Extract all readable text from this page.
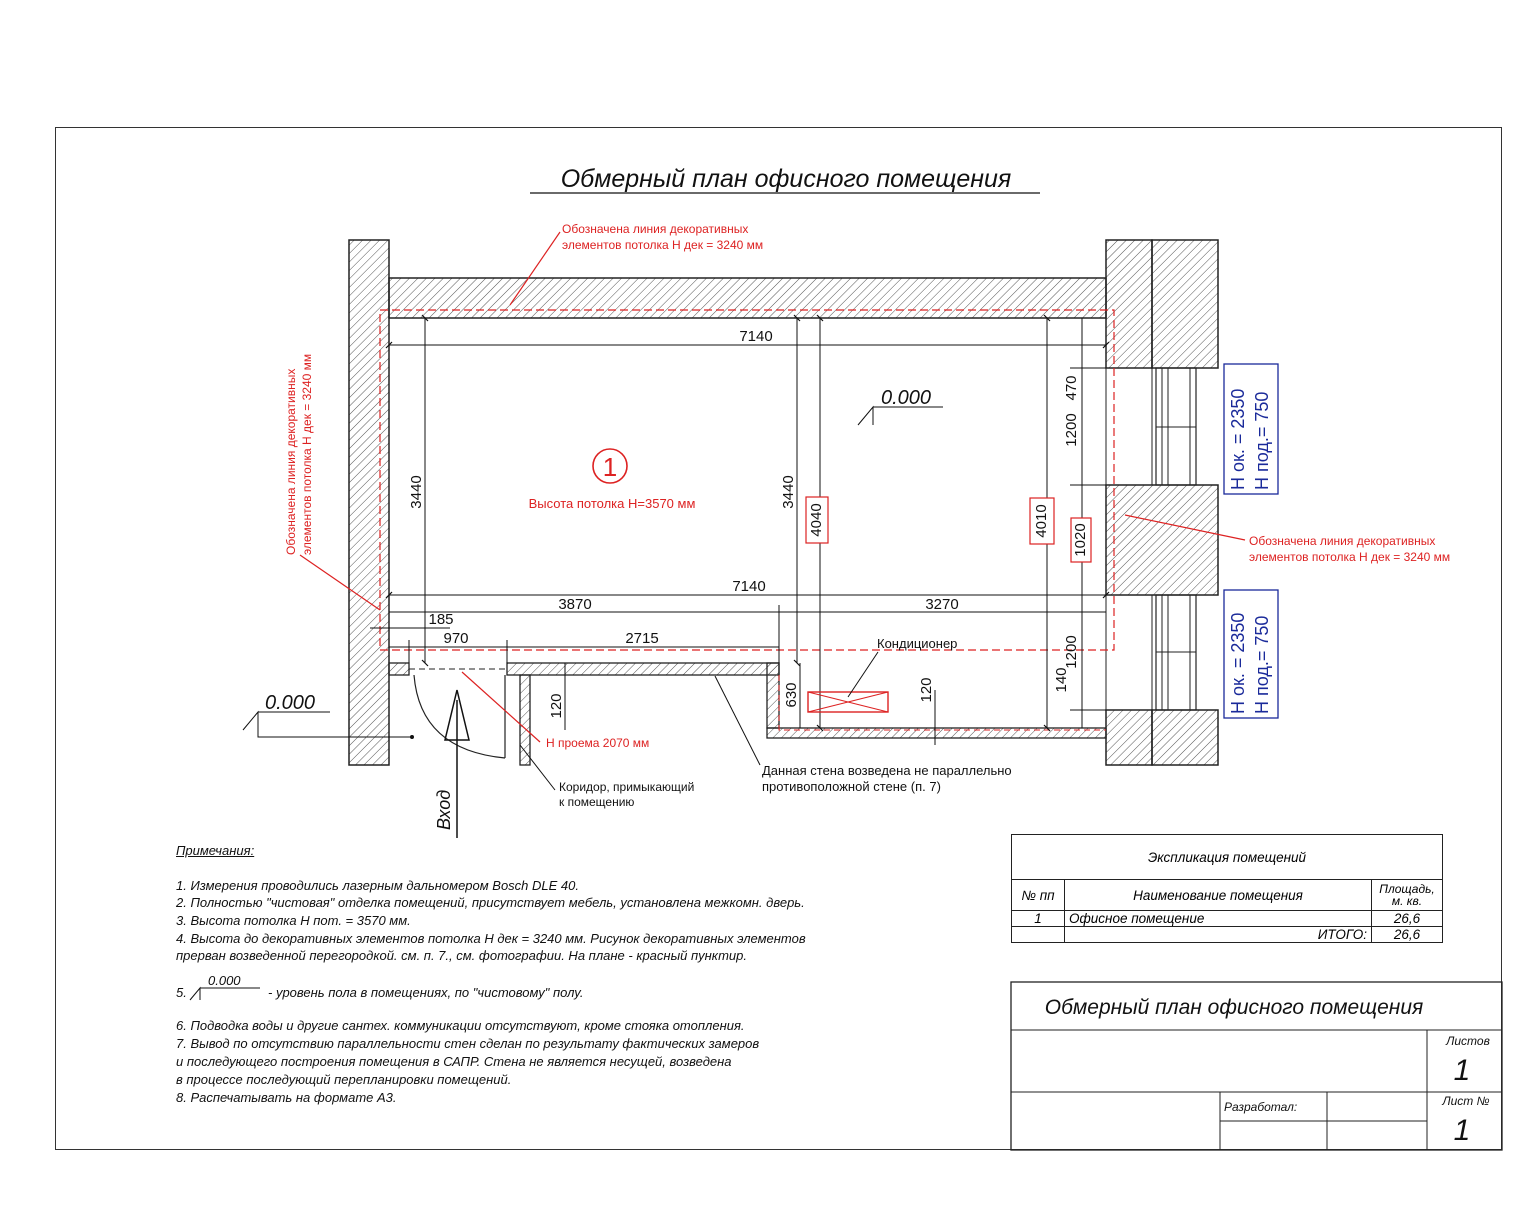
Обмерный план офисного помещения
Вход
7140
7140
3870	3270
185
970	2715
3440	3440
4040	4010
470
1200
1020
1200
140
120	630	120
1
Высота потолка Н=3570 мм
0.000
0.000
Кондиционер
Обозначена линия декоративных
элементов потолка Н дек = 3240 мм
Обозначена линия декоративных элементов потолка Н дек = 3240 мм	Обозначена линия декоративных
элементов потолка Н дек = 3240 мм
Н проема 2070 мм
Коридор, примыкающий
к помещению
Данная стена возведена не параллельно
противоположной стене (п. 7)
Н ок. = 2350 Н под.= 750
Н ок. = 2350 Н под.= 750
0.000
Обмерный план офисного помещения
Листов
1
Лист №
1
Разработал:
Примечания:
1. Измерения проводились лазерным дальномером Bosch DLE 40.
2. Полностью "чистовая" отделка помещений, присутствует мебель, установлена межкомн. дверь.
3. Высота потолка Н пот. = 3570 мм.
4. Высота до декоративных элементов потолка Н дек = 3240 мм. Рисунок декоративных элементов
прерван возведенной перегородкой. см. п. 7., см. фотографии. На плане - красный пунктир.
5.	- уровень пола в помещениях, по "чистовому" полу.
6. Подводка воды и другие сантех. коммуникации отсутствуют, кроме стояка отопления.
7. Вывод по отсутствию параллельности стен сделан по результату фактических замеров
и последующего построения помещения в САПР. Стена не является несущей, возведена
в процессе последующий перепланировки помещений.
8. Распечатывать на формате А3.
Экспликация помещений		
№ пп	Наименование помещения	Площадь, м. кв.
1	Офисное помещение	26,6
	ИТОГО:	26,6
